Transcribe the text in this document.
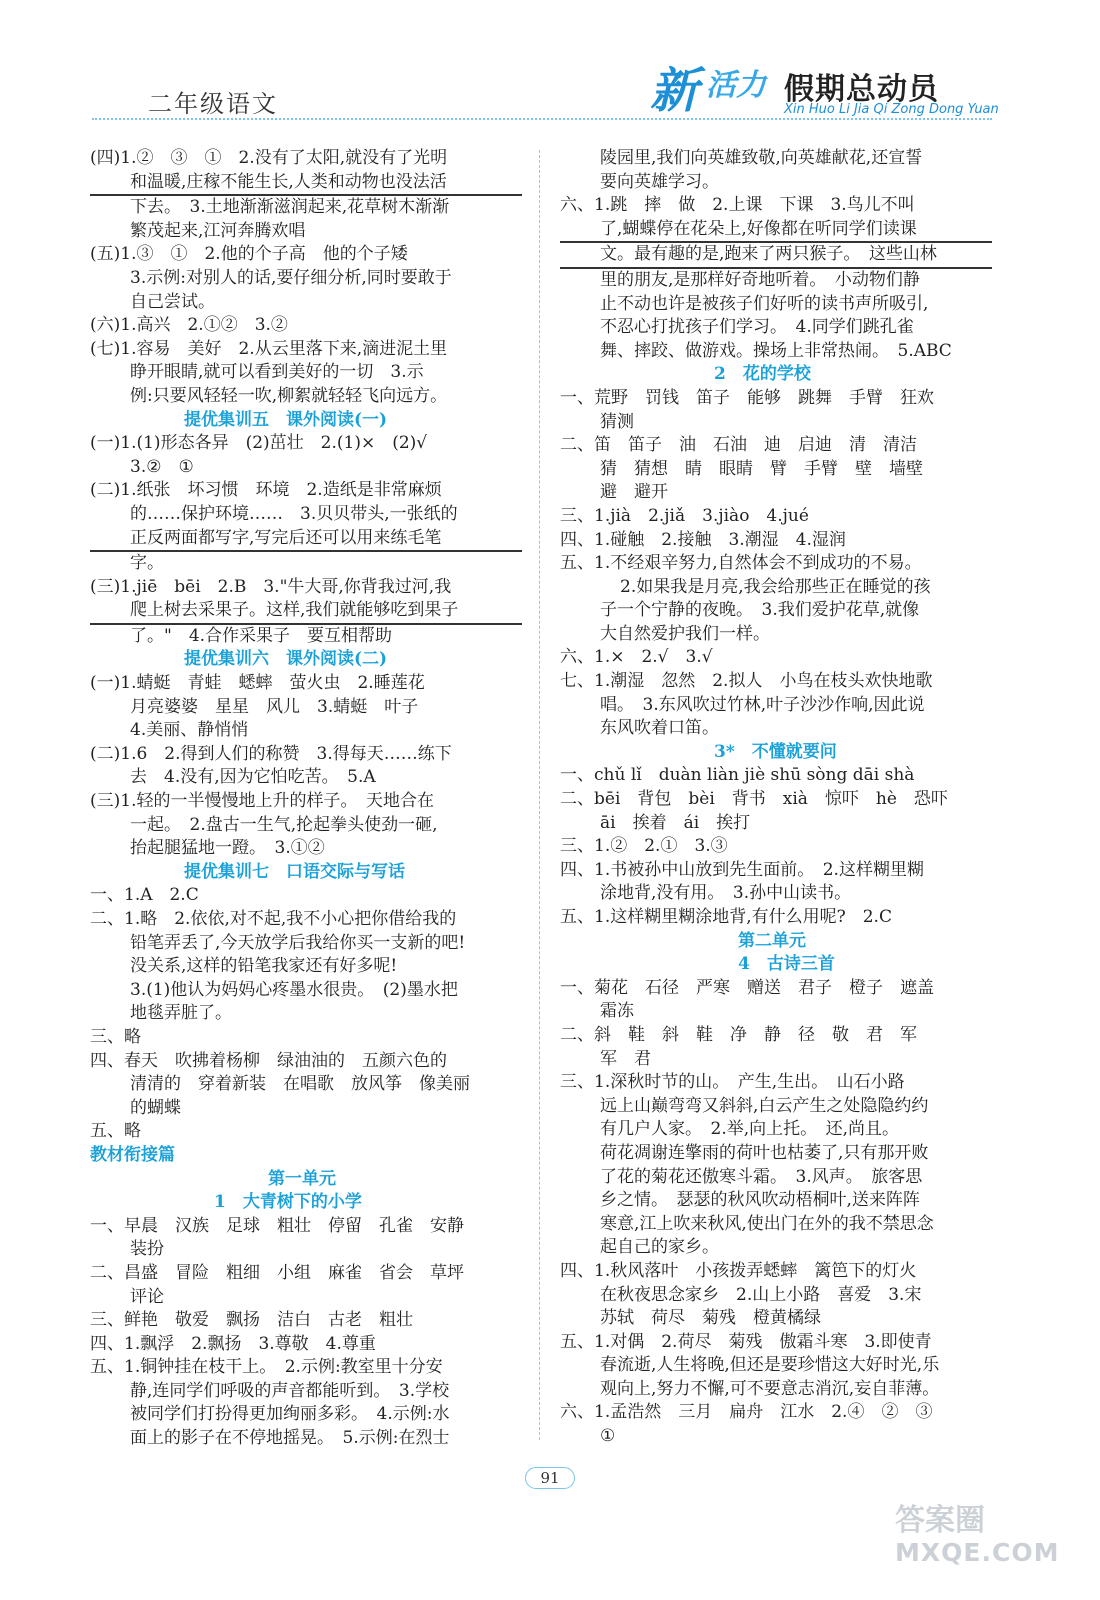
二年级语文	新 活力 假期总动员
Xin Huo Li Jia Qi Zong Dong Yuan
(四)1.②　③　①　2.没有了太阳,就没有了光明
和温暖,庄稼不能生长,人类和动物也没法活
下去。　3.土地渐渐滋润起来,花草树木渐渐
繁茂起来,江河奔腾欢唱
(五)1.③　①　2.他的个子高　他的个子矮
3.示例:对别人的话,要仔细分析,同时要敢于
自己尝试。
(六)1.高兴　2.①②　3.②
(七)1.容易　美好　2.从云里落下来,滴进泥土里
睁开眼睛,就可以看到美好的一切　3.示
例:只要风轻轻一吹,柳絮就轻轻飞向远方。
提优集训五　课外阅读(一)
(一)1.(1)形态各异　(2)茁壮　2.(1)×　(2)√
3.②　①
(二)1.纸张　坏习惯　环境　2.造纸是非常麻烦
的……保护环境……　3.贝贝带头,一张纸的
正反两面都写字,写完后还可以用来练毛笔
字。
(三)1.jiē　bēi　2.B　3."牛大哥,你背我过河,我
爬上树去采果子。这样,我们就能够吃到果子
了。"　4.合作采果子　要互相帮助
提优集训六　课外阅读(二)
(一)1.蜻蜓　青蛙　蟋蟀　萤火虫　2.睡莲花
月亮婆婆　星星　风儿　3.蜻蜓　叶子
4.美丽、静悄悄
(二)1.6　2.得到人们的称赞　3.得每天……练下
去　4.没有,因为它怕吃苦。　5.A
(三)1.轻的一半慢慢地上升的样子。　天地合在
一起。　2.盘古一生气,抡起拳头使劲一砸,
抬起腿猛地一蹬。　3.①②
提优集训七　口语交际与写话
一、1.A　2.C
二、1.略　2.依依,对不起,我不小心把你借给我的
铅笔弄丢了,今天放学后我给你买一支新的吧!
没关系,这样的铅笔我家还有好多呢!
3.(1)他认为妈妈心疼墨水很贵。　(2)墨水把
地毯弄脏了。
三、略
四、春天　吹拂着杨柳　绿油油的　五颜六色的
清清的　穿着新装　在唱歌　放风筝　像美丽
的蝴蝶
五、略
教材衔接篇
第一单元
1　大青树下的小学
一、早晨　汉族　足球　粗壮　停留　孔雀　安静
装扮
二、昌盛　冒险　粗细　小组　麻雀　省会　草坪
评论
三、鲜艳　敬爱　飘扬　洁白　古老　粗壮
四、1.飘浮　2.飘扬　3.尊敬　4.尊重
五、1.铜钟挂在枝干上。　2.示例:教室里十分安
静,连同学们呼吸的声音都能听到。　3.学校
被同学们打扮得更加绚丽多彩。　4.示例:水
面上的影子在不停地摇晃。　5.示例:在烈士
陵园里,我们向英雄致敬,向英雄献花,还宣誓
要向英雄学习。
六、1.跳　摔　做　2.上课　下课　3.鸟儿不叫
了,蝴蝶停在花朵上,好像都在听同学们读课
文。最有趣的是,跑来了两只猴子。　这些山林
里的朋友,是那样好奇地听着。　小动物们静
止不动也许是被孩子们好听的读书声所吸引,
不忍心打扰孩子们学习。　4.同学们跳孔雀
舞、摔跤、做游戏。操场上非常热闹。　5.ABC
2　花的学校
一、荒野　罚钱　笛子　能够　跳舞　手臂　狂欢
猜测
二、笛　笛子　油　石油　迪　启迪　清　清洁
猜　猜想　睛　眼睛　臂　手臂　壁　墙壁
避　避开
三、1.jià　2.jiǎ　3.jiào　4.jué
四、1.碰触　2.接触　3.潮湿　4.湿润
五、1.不经艰辛努力,自然体会不到成功的不易。
2.如果我是月亮,我会给那些正在睡觉的孩
子一个宁静的夜晚。　3.我们爱护花草,就像
大自然爱护我们一样。
六、1.×　2.√　3.√
七、1.潮湿　忽然　2.拟人　小鸟在枝头欢快地歌
唱。　3.东风吹过竹林,叶子沙沙作响,因此说
东风吹着口笛。
3*　不懂就要问
一、chǔ lǐ　duàn liàn jiè shū sòng dāi shà
二、bēi　背包　bèi　背书　xià　惊吓　hè　恐吓
āi　挨着　ái　挨打
三、1.②　2.①　3.③
四、1.书被孙中山放到先生面前。　2.这样糊里糊
涂地背,没有用。　3.孙中山读书。
五、1.这样糊里糊涂地背,有什么用呢?　2.C
第二单元
4　古诗三首
一、菊花　石径　严寒　赠送　君子　橙子　遮盖
霜冻
二、斜　鞋　斜　鞋　净　静　径　敬　君　军
军　君
三、1.深秋时节的山。　产生,生出。　山石小路
远上山巅弯弯又斜斜,白云产生之处隐隐约约
有几户人家。　2.举,向上托。　还,尚且。
荷花凋谢连擎雨的荷叶也枯萎了,只有那开败
了花的菊花还傲寒斗霜。　3.风声。　旅客思
乡之情。　瑟瑟的秋风吹动梧桐叶,送来阵阵
寒意,江上吹来秋风,使出门在外的我不禁思念
起自己的家乡。
四、1.秋风落叶　小孩拨弄蟋蟀　篱笆下的灯火
在秋夜思念家乡　2.山上小路　喜爱　3.宋
苏轼　荷尽　菊残　橙黄橘绿
五、1.对偶　2.荷尽　菊残　傲霜斗寒　3.即使青
春流逝,人生将晚,但还是要珍惜这大好时光,乐
观向上,努力不懈,可不要意志消沉,妄自菲薄。
六、1.孟浩然　三月　扁舟　江水　2.④　②　③
①
91
答案圈
MXQE.COM
